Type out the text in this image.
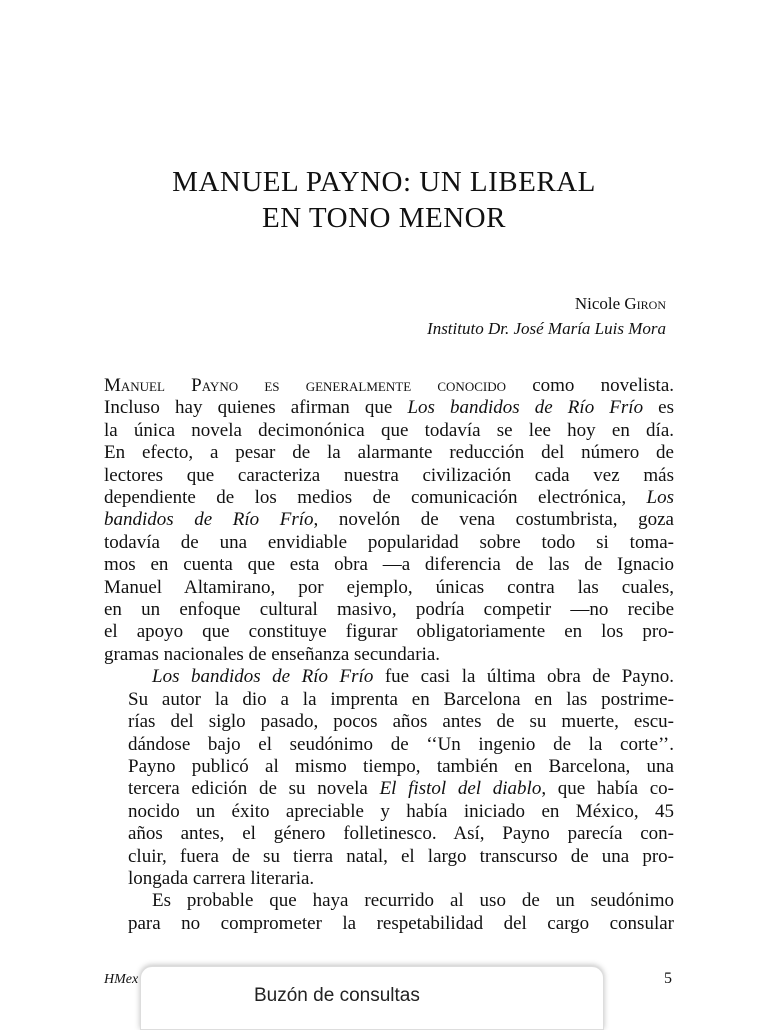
MANUEL PAYNO: UN LIBERAL
EN TONO MENOR
Nicole Giron
Instituto Dr. José María Luis Mora

Manuel Payno es generalmente conocido como novelista.
Incluso hay quienes afirman que Los bandidos de Río Frío es
la única novela decimonónica que todavía se lee hoy en día.
En efecto, a pesar de la alarmante reducción del número de
lectores que caracteriza nuestra civilización cada vez más
dependiente de los medios de comunicación electrónica, Los
bandidos de Río Frío, novelón de vena costumbrista, goza
todavía de una envidiable popularidad sobre todo si toma-
mos en cuenta que esta obra —a diferencia de las de Ignacio
Manuel Altamirano, por ejemplo, únicas contra las cuales,
en un enfoque cultural masivo, podría competir —no recibe
el apoyo que constituye figurar obligatoriamente en los pro-
gramas nacionales de enseñanza secundaria.

Los bandidos de Río Frío fue casi la última obra de Payno.
Su autor la dio a la imprenta en Barcelona en las postrime-
rías del siglo pasado, pocos años antes de su muerte, escu-
dándose bajo el seudónimo de ‘‘Un ingenio de la corte’’.
Payno publicó al mismo tiempo, también en Barcelona, una
tercera edición de su novela El fistol del diablo, que había co-
nocido un éxito apreciable y había iniciado en México, 45
años antes, el género folletinesco. Así, Payno parecía con-
cluir, fuera de su tierra natal, el largo transcurso de una pro-
longada carrera literaria.

Es probable que haya recurrido al uso de un seudónimo
para no comprometer la respetabilidad del cargo consular

HMex	5
Buzón de consultas
